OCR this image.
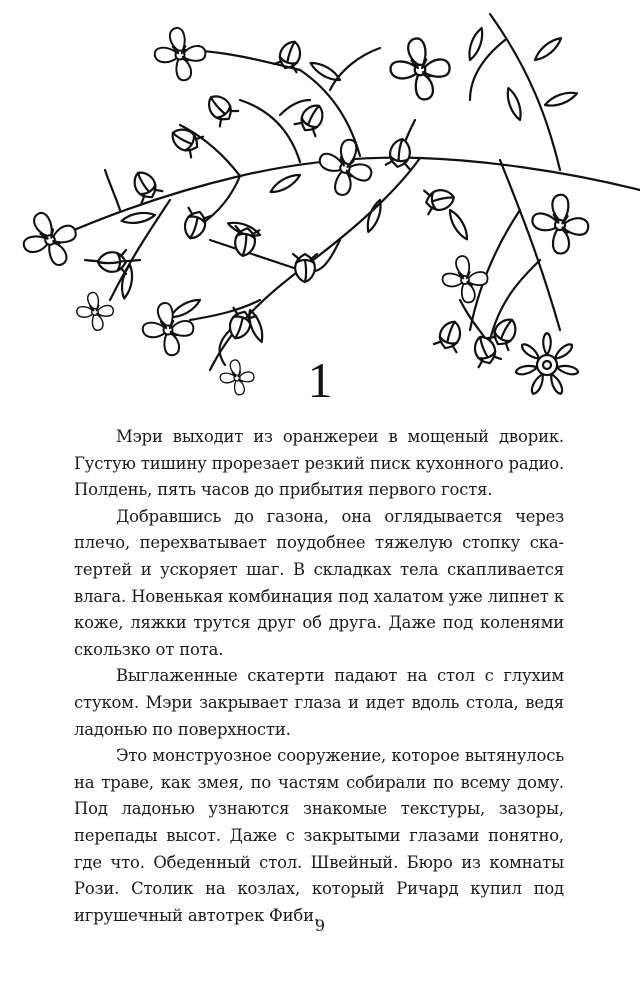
1

Мэри выходит из оранжереи в мощеный дворик. Густую тишину прорезает резкий писк кухонного радио. Полдень, пять часов до прибытия первого гостя.

Добравшись до газона, она оглядывается через плечо, перехватывает поудобнее тяжелую стопку скатертей и ускоряет шаг. В складках тела скапливается влага. Новенькая комбинация под халатом уже липнет к коже, ляжки трутся друг об друга. Даже под коленями скользко от пота.

Выглаженные скатерти падают на стол с глухим стуком. Мэри закрывает глаза и идет вдоль стола, ведя ладонью по поверхности.

Это монструозное сооружение, которое вытянулось на траве, как змея, по частям собирали по всему дому. Под ладонью узнаются знакомые текстуры, зазоры, перепады высот. Даже с закрытыми глазами понятно, где что. Обеденный стол. Швейный. Бюро из комнаты Рози. Столик на козлах, который Ричард купил под игрушечный автотрек Фиби.

9
